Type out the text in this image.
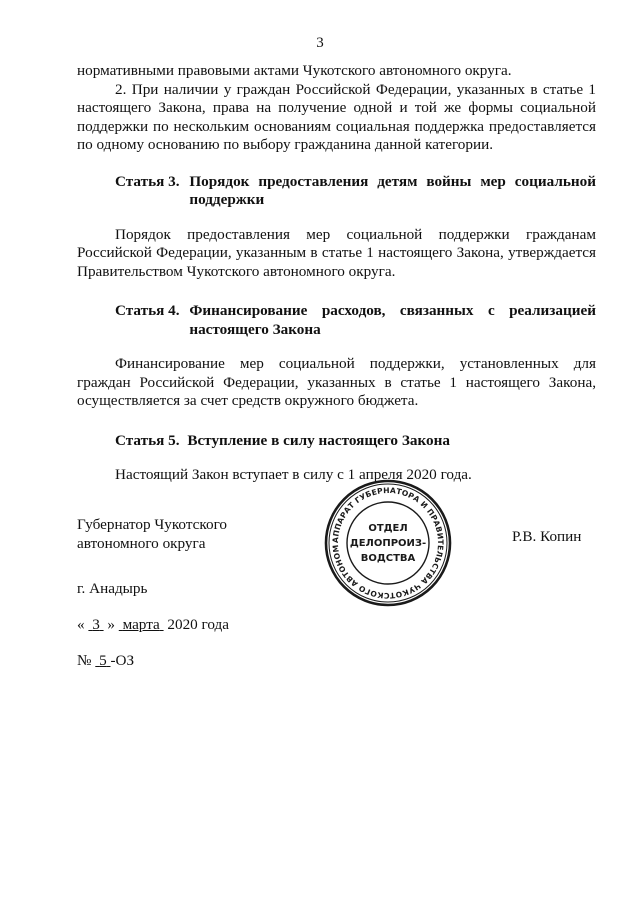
3

нормативными правовыми актами Чукотского автономного округа.

2. При наличии у граждан Российской Федерации, указанных в статье 1 настоящего Закона, права на получение одной и той же формы социальной поддержки по нескольким основаниям социальная поддержка предоставляется по одному основанию по выбору гражданина данной категории.

Статья 3.
Порядок предоставления детям войны мер социальной поддержки

Порядок предоставления мер социальной поддержки гражданам Российской Федерации, указанным в статье 1 настоящего Закона, утверждается Правительством Чукотского автономного округа.

Статья 4.
Финансирование расходов, связанных с реализацией настоящего Закона

Финансирование мер социальной поддержки, установленных для граждан Российской Федерации, указанных в статье 1 настоящего Закона, осуществляется за счет средств окружного бюджета.

Статья 5.
Вступление в силу настоящего Закона

Настоящий Закон вступает в силу с 1 апреля 2020 года.

Губернатор Чукотского
автономного округа	Р.В. Копин
АППАРАТ ГУБЕРНАТОРА И ПРАВИТЕЛЬСТВА ЧУКОТСКОГО АВТОНОМ
ОТДЕЛ
ДЕЛОПРОИЗ-
ВОДСТВА
г. Анадырь
« 3 » марта 2020 года
№ 5 -ОЗ
